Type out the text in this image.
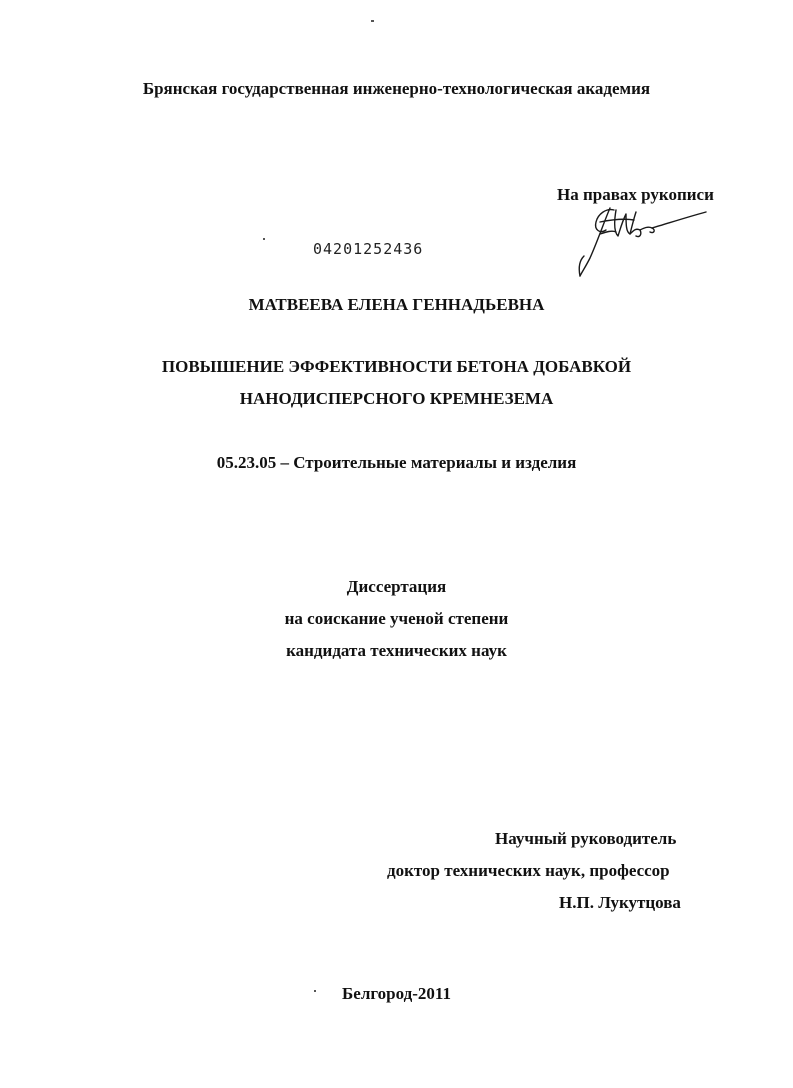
Брянская государственная инженерно-технологическая академия
На правах рукописи
04201252436
МАТВЕЕВА ЕЛЕНА ГЕННАДЬЕВНА
ПОВЫШЕНИЕ ЭФФЕКТИВНОСТИ БЕТОНА ДОБАВКОЙ
НАНОДИСПЕРСНОГО КРЕМНЕЗЕМА
05.23.05 – Строительные материалы и изделия
Диссертация
на соискание ученой степени
кандидата технических наук
Научный руководитель
доктор технических наук, профессор
Н.П. Лукутцова
Белгород-2011
